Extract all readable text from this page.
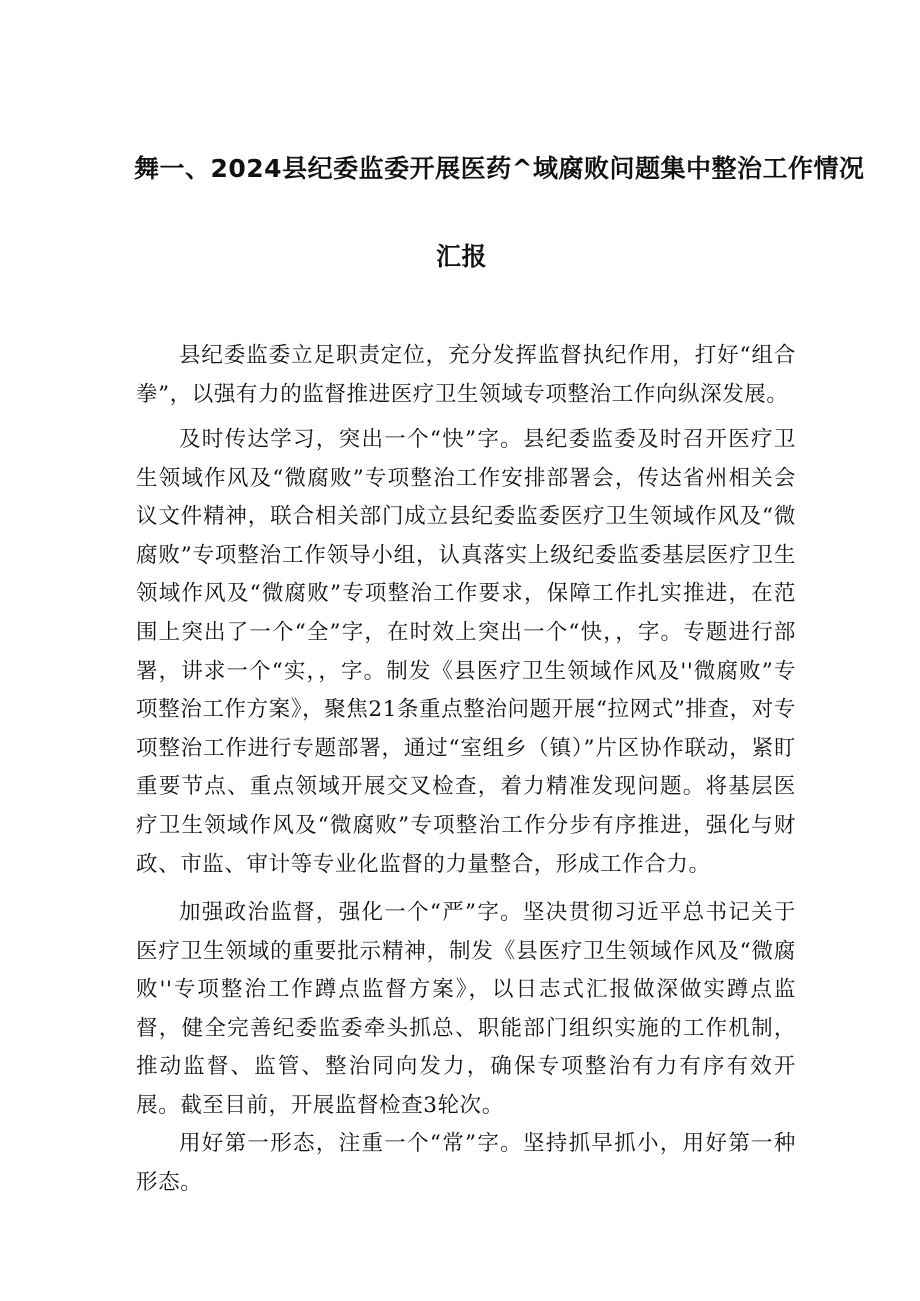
舞一、2024县纪委监委开展医药^域腐败问题集中整治工作情况
汇报

县纪委监委立足职责定位，充分发挥监督执纪作用，打好“组合拳”，以强有力的监督推进医疗卫生领域专项整治工作向纵深发展。

及时传达学习，突出一个“快”字。县纪委监委及时召开医疗卫生领域作风及“微腐败”专项整治工作安排部署会，传达省州相关会议文件精神，联合相关部门成立县纪委监委医疗卫生领域作风及“微腐败”专项整治工作领导小组，认真落实上级纪委监委基层医疗卫生领域作风及“微腐败”专项整治工作要求，保障工作扎实推进，在范围上突出了一个“全”字，在时效上突出一个“快，，字。专题进行部署，讲求一个“实，，字。制发《县医疗卫生领域作风及''微腐败”专项整治工作方案》，聚焦21条重点整治问题开展“拉网式”排查，对专项整治工作进行专题部署，通过“室组乡（镇）”片区协作联动，紧盯重要节点、重点领域开展交叉检查，着力精准发现问题。将基层医疗卫生领域作风及“微腐败”专项整治工作分步有序推进，强化与财政、市监、审计等专业化监督的力量整合，形成工作合力。

加强政治监督，强化一个“严”字。坚决贯彻习近平总书记关于医疗卫生领域的重要批示精神，制发《县医疗卫生领域作风及“微腐败''专项整治工作蹲点监督方案》，以日志式汇报做深做实蹲点监督，健全完善纪委监委牵头抓总、职能部门组织实施的工作机制，推动监督、监管、整治同向发力，确保专项整治有力有序有效开展。截至目前，开展监督检查3轮次。

用好第一形态，注重一个“常”字。坚持抓早抓小，用好第一种形态。
